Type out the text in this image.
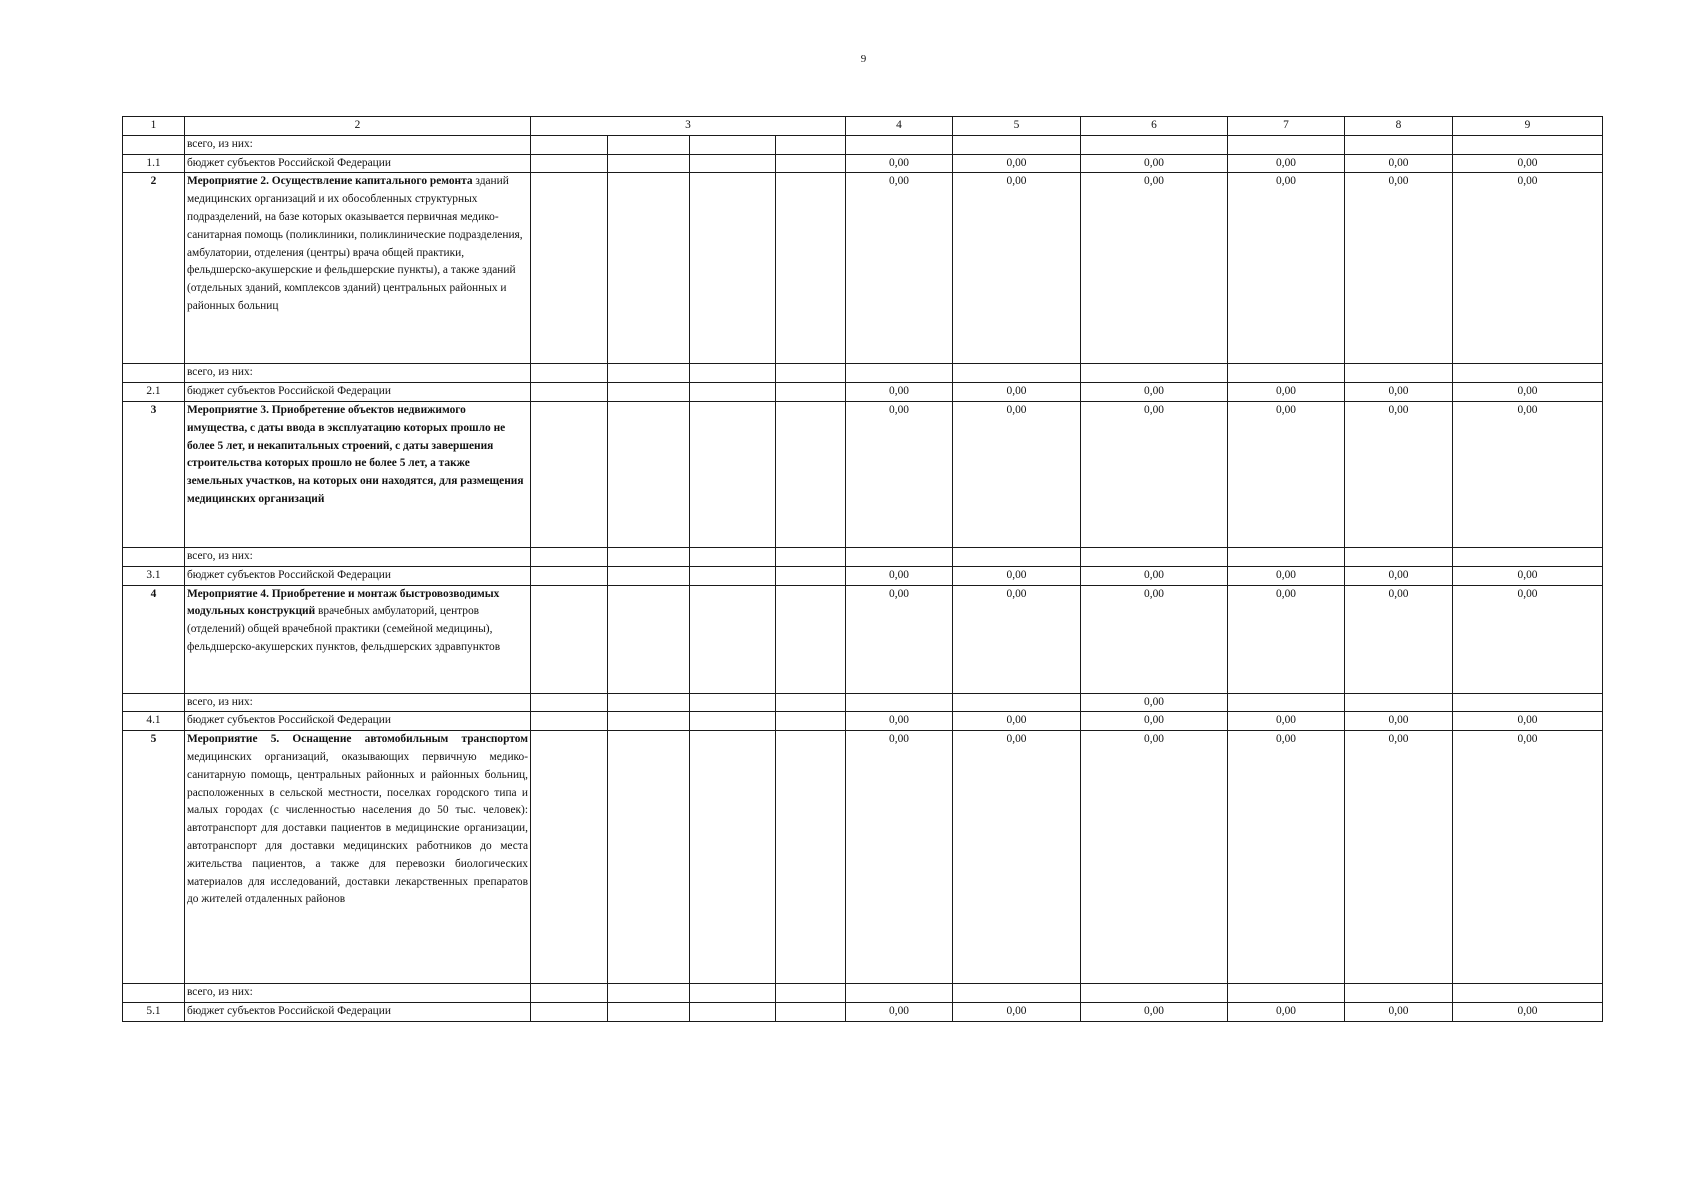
9
1	2	3				4	5	6	7	8	9
	всего, из них:										
1.1	бюджет субъектов Российской Федерации					0,00	0,00	0,00	0,00	0,00	0,00
2	Мероприятие 2. Осуществление капитального ремонта зданий медицинских организаций и их обособленных структурных подразделений, на базе которых оказывается первичная медико-санитарная помощь (поликлиники, поликлинические подразделения, амбулатории, отделения (центры) врача общей практики, фельдшерско-акушерские и фельдшерские пункты), а также зданий (отдельных зданий, комплексов зданий) центральных районных и районных больниц					0,00	0,00	0,00	0,00	0,00	0,00
	всего, из них:										
2.1	бюджет субъектов Российской Федерации					0,00	0,00	0,00	0,00	0,00	0,00
3	Мероприятие 3. Приобретение объектов недвижимого имущества, с даты ввода в эксплуатацию которых прошло не более 5 лет, и некапитальных строений, с даты завершения строительства которых прошло не более 5 лет, а также земельных участков, на которых они находятся, для размещения медицинских организаций					0,00	0,00	0,00	0,00	0,00	0,00
	всего, из них:										
3.1	бюджет субъектов Российской Федерации					0,00	0,00	0,00	0,00	0,00	0,00
4	Мероприятие 4. Приобретение и монтаж быстровозводимых модульных конструкций врачебных амбулаторий, центров (отделений) общей врачебной практики (семейной медицины), фельдшерско-акушерских пунктов, фельдшерских здравпунктов					0,00	0,00	0,00	0,00	0,00	0,00
	всего, из них:							0,00			
4.1	бюджет субъектов Российской Федерации					0,00	0,00	0,00	0,00	0,00	0,00
5	Мероприятие 5. Оснащение автомобильным транспортом медицинских организаций, оказывающих первичную медико-санитарную помощь, центральных районных и районных больниц, расположенных в сельской местности, поселках городского типа и малых городах (с численностью населения до 50 тыс. человек): автотранспорт для доставки пациентов в медицинские организации, автотранспорт для доставки медицинских работников до места жительства пациентов, а также для перевозки биологических материалов для исследований, доставки лекарственных препаратов до жителей отдаленных районов					0,00	0,00	0,00	0,00	0,00	0,00
	всего, из них:										
5.1	бюджет субъектов Российской Федерации					0,00	0,00	0,00	0,00	0,00	0,00
